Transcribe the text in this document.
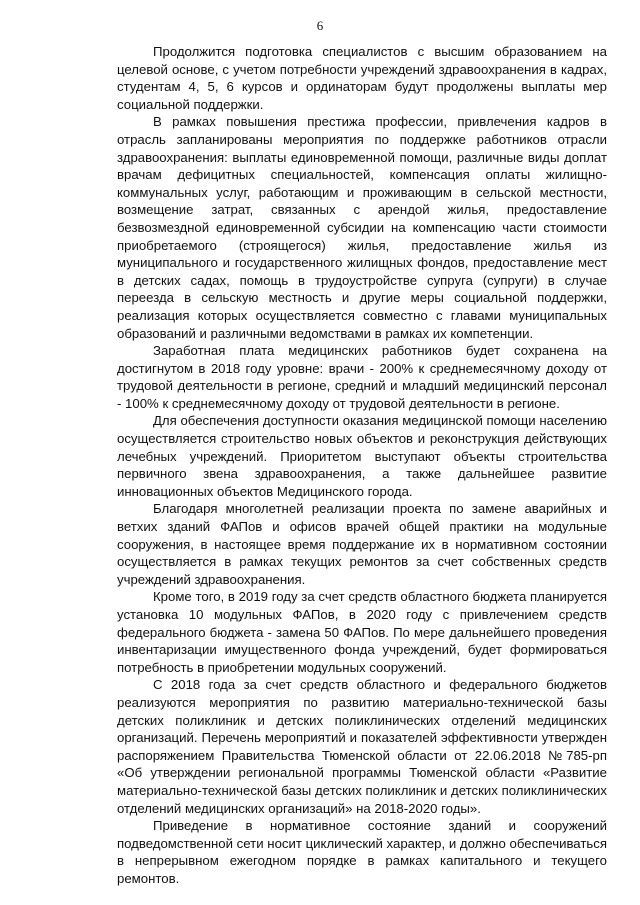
6

Продолжится подготовка специалистов с высшим образованием на целевой основе, с учетом потребности учреждений здравоохранения в кадрах, студентам 4, 5, 6 курсов и ординаторам будут продолжены выплаты мер социальной поддержки.

В рамках повышения престижа профессии, привлечения кадров в отрасль запланированы мероприятия по поддержке работников отрасли здравоохранения: выплаты единовременной помощи, различные виды доплат врачам дефицитных специальностей, компенсация оплаты жилищно-коммунальных услуг, работающим и проживающим в сельской местности, возмещение затрат, связанных с арендой жилья, предоставление безвозмездной единовременной субсидии на компенсацию части стоимости приобретаемого (строящегося) жилья, предоставление жилья из муниципального и государственного жилищных фондов, предоставление мест в детских садах, помощь в трудоустройстве супруга (супруги) в случае переезда в сельскую местность и другие меры социальной поддержки, реализация которых осуществляется совместно с главами муниципальных образований и различными ведомствами в рамках их компетенции.

Заработная плата медицинских работников будет сохранена на достигнутом в 2018 году уровне: врачи - 200% к среднемесячному доходу от трудовой деятельности в регионе, средний и младший медицинский персонал - 100% к среднемесячному доходу от трудовой деятельности в регионе.

Для обеспечения доступности оказания медицинской помощи населению осуществляется строительство новых объектов и реконструкция действующих лечебных учреждений. Приоритетом выступают объекты строительства первичного звена здравоохранения, а также дальнейшее развитие инновационных объектов Медицинского города.

Благодаря многолетней реализации проекта по замене аварийных и ветхих зданий ФАПов и офисов врачей общей практики на модульные сооружения, в настоящее время поддержание их в нормативном состоянии осуществляется в рамках текущих ремонтов за счет собственных средств учреждений здравоохранения.

Кроме того, в 2019 году за счет средств областного бюджета планируется установка 10 модульных ФАПов, в 2020 году с привлечением средств федерального бюджета - замена 50 ФАПов. По мере дальнейшего проведения инвентаризации имущественного фонда учреждений, будет формироваться потребность в приобретении модульных сооружений.

С 2018 года за счет средств областного и федерального бюджетов реализуются мероприятия по развитию материально-технической базы детских поликлиник и детских поликлинических отделений медицинских организаций. Перечень мероприятий и показателей эффективности утвержден распоряжением Правительства Тюменской области от 22.06.2018 №785-рп «Об утверждении региональной программы Тюменской области «Развитие материально-технической базы детских поликлиник и детских поликлинических отделений медицинских организаций» на 2018-2020 годы».

Приведение в нормативное состояние зданий и сооружений подведомственной сети носит циклический характер, и должно обеспечиваться в непрерывном ежегодном порядке в рамках капитального и текущего ремонтов.
